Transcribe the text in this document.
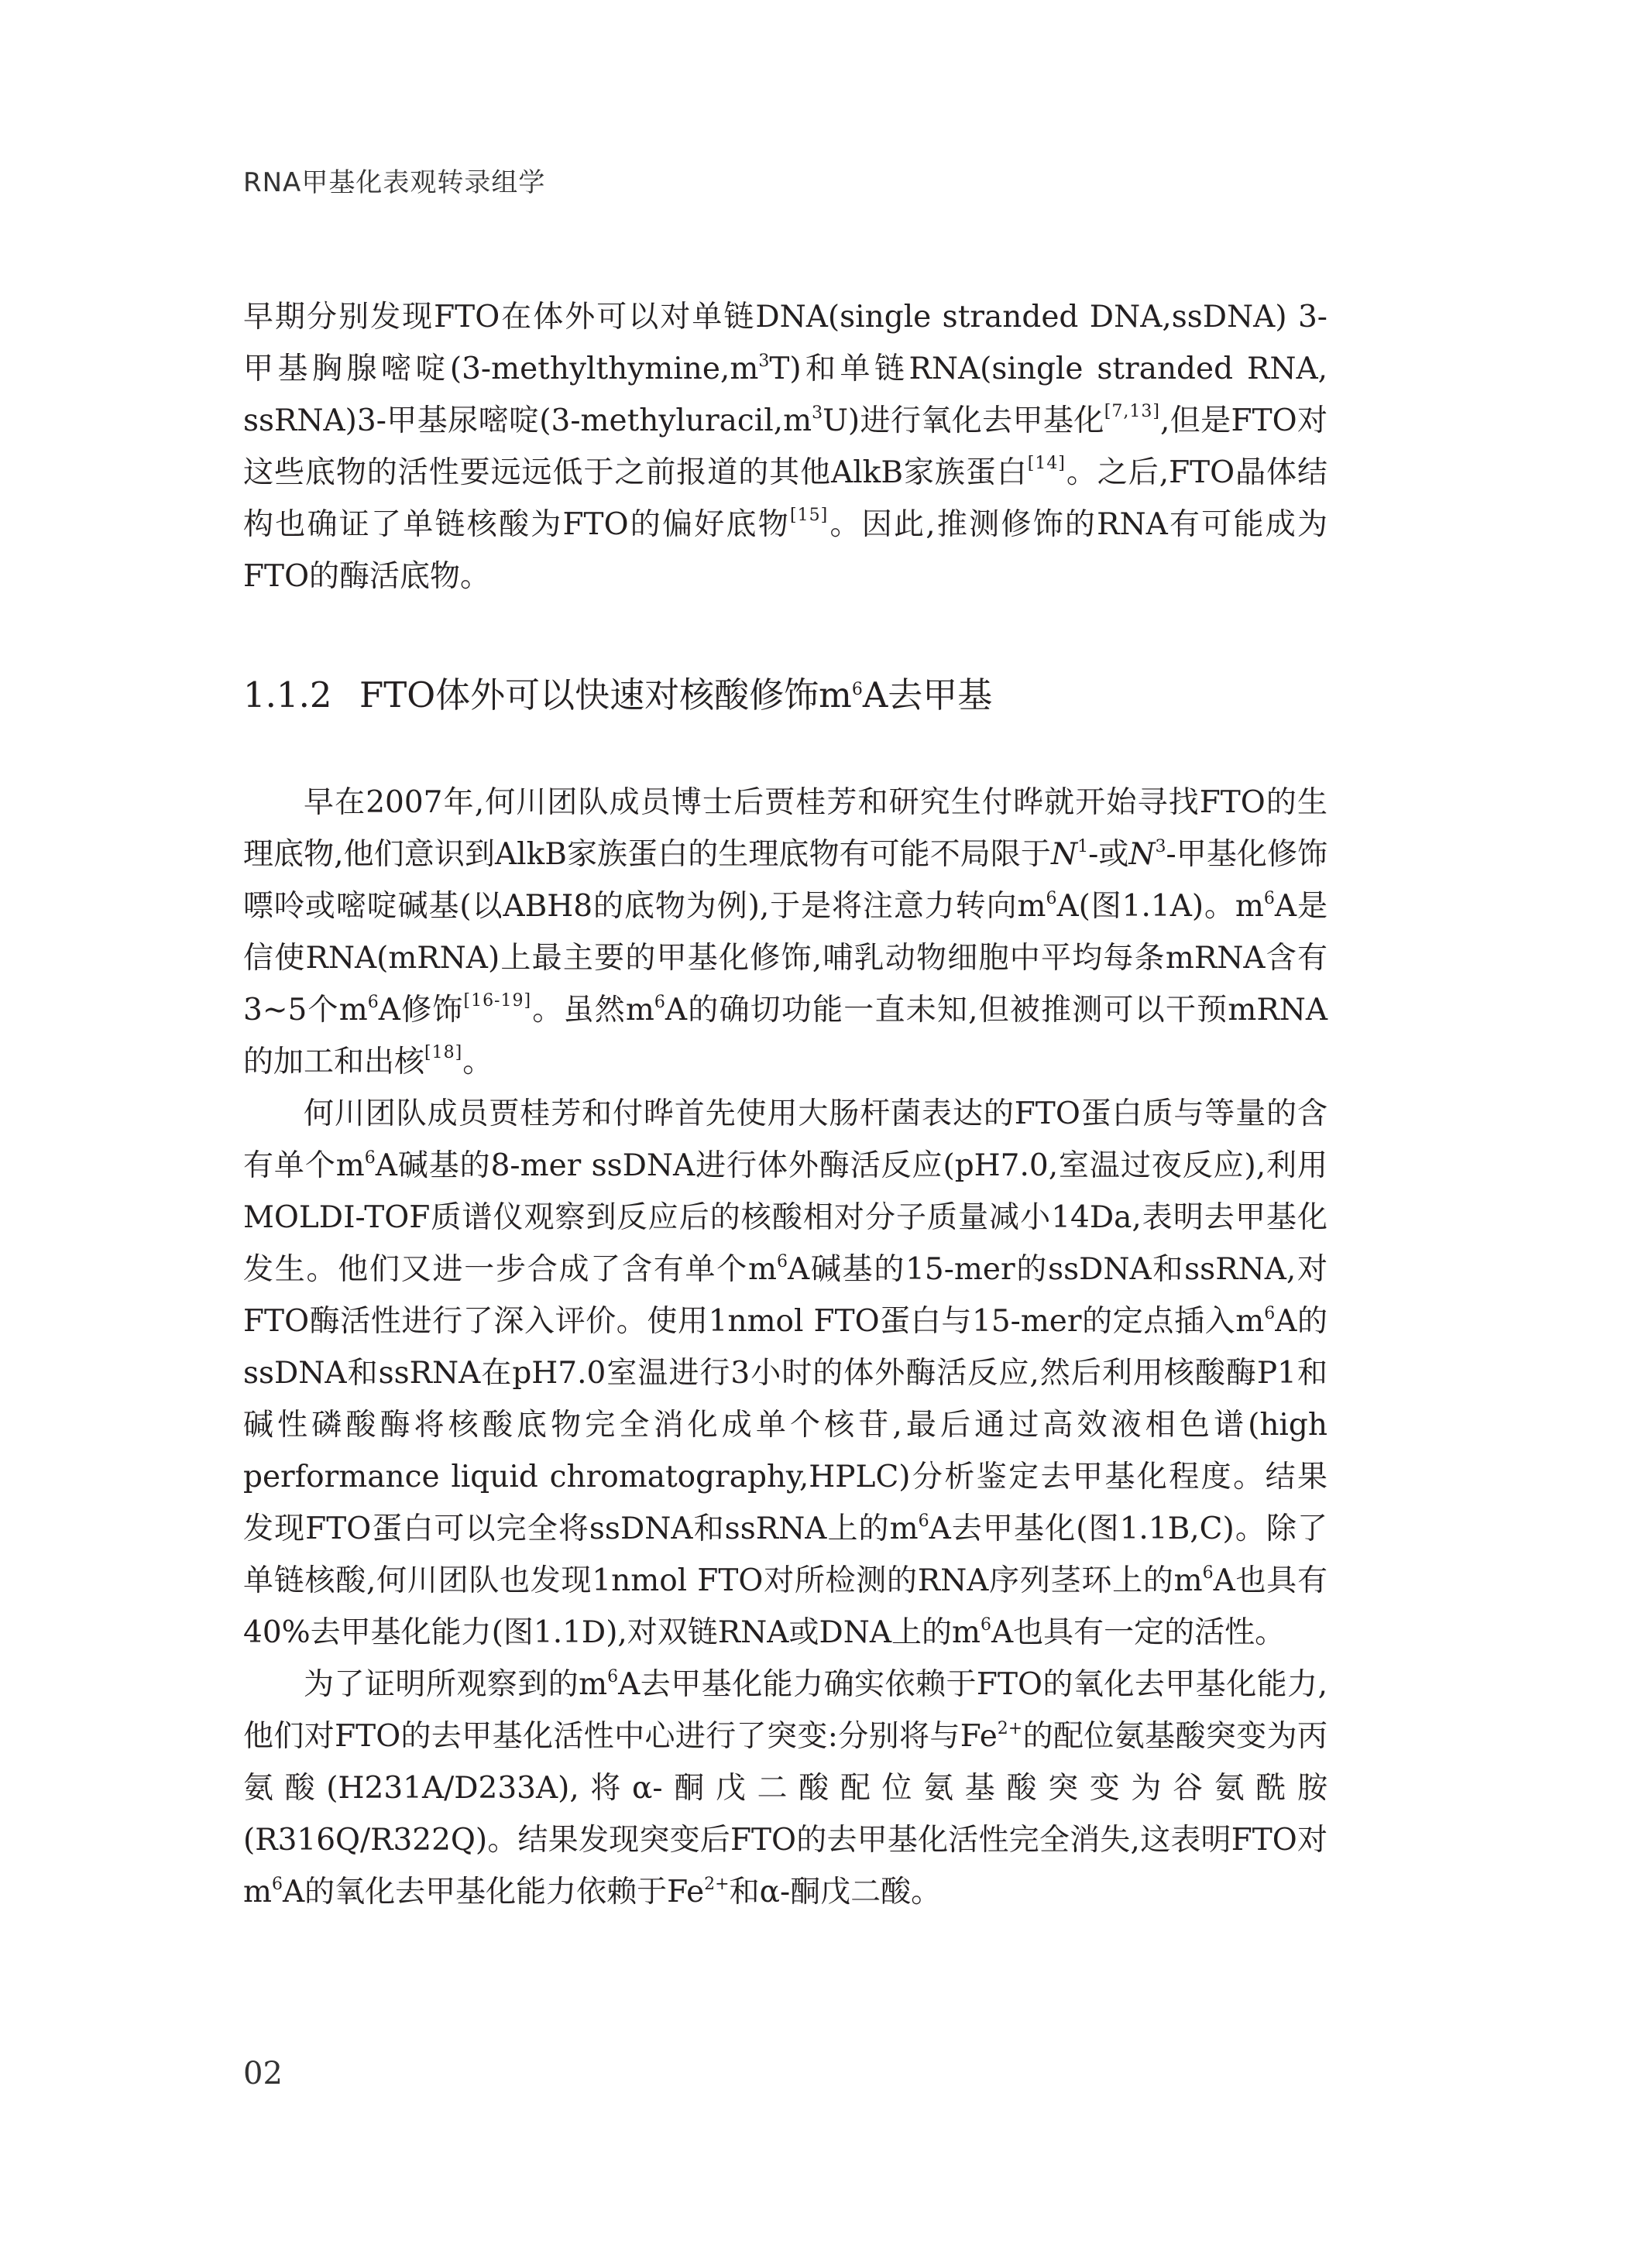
RNA甲基化表观转录组学

早期分别发现FTO在体外可以对单链DNA(single stranded DNA,ssDNA) 3-甲基胸腺嘧啶$(3-methylthymine,m^3T)$和单链RNA(single stranded RNA, ssRNA)3-甲基尿嘧啶$(3-methyluracil,m^3U)$进行氧化去甲基化[7,13],但是FTO对这些底物的活性要远远低于之前报道的其他AlkB家族蛋白[14]。之后,FTO晶体结构也确证了单链核酸为FTO的偏好底物[15]。因此,推测修饰的RNA有可能成为FTO的酶活底物。

1.1.2 FTO体外可以快速对核酸修饰$m^6A$去甲基

早在2007年,何川团队成员博士后贾桂芳和研究生付晔就开始寻找FTO的生理底物,他们意识到AlkB家族蛋白的生理底物有可能不局限于$N^1-$或$N^3-$甲基化修饰嘌呤或嘧啶碱基(以ABH8的底物为例),于是将注意力转向$m^6A$(图1.1A)。$m^6A$是信使RNA(mRNA)上最主要的甲基化修饰,哺乳动物细胞中平均每条mRNA含有3~5个$m^6A$修饰[16-19]。虽然$m^6A$的确切功能一直未知,但被推测可以干预mRNA的加工和出核[18]。

何川团队成员贾桂芳和付晔首先使用大肠杆菌表达的FTO蛋白质与等量的含有单个$m^6A$碱基的8-mer ssDNA进行体外酶活反应(pH7.0,室温过夜反应),利用MOLDI-TOF质谱仪观察到反应后的核酸相对分子质量减小14Da,表明去甲基化发生。他们又进一步合成了含有单个$m^6A$碱基的15-mer的ssDNA和ssRNA,对FTO酶活性进行了深入评价。使用1nmol FTO蛋白与15-mer的定点插入$m^6A$的ssDNA和ssRNA在pH7.0室温进行3小时的体外酶活反应,然后利用核酸酶P1和碱性磷酸酶将核酸底物完全消化成单个核苷,最后通过高效液相色谱(high performance liquid chromatography,HPLC)分析鉴定去甲基化程度。结果发现FTO蛋白可以完全将ssDNA和ssRNA上的$m^6A$去甲基化(图1.1B,C)。除了单链核酸,何川团队也发现1nmol FTO对所检测的RNA序列茎环上的$m^6A$也具有40%去甲基化能力(图1.1D),对双链RNA或DNA上的$m^6A$也具有一定的活性。

为了证明所观察到的$m^6A$去甲基化能力确实依赖于FTO的氧化去甲基化能力,他们对FTO的去甲基化活性中心进行了突变:分别将与$Fe^{2+}$的配位氨基酸突变为丙氨酸(H231A/D233A),将α-酮戊二酸配位氨基酸突变为谷氨酰胺(R316Q/R322Q)。结果发现突变后FTO的去甲基化活性完全消失,这表明FTO对$m^6A$的氧化去甲基化能力依赖于$Fe^{2+}$和α-酮戊二酸。

02
